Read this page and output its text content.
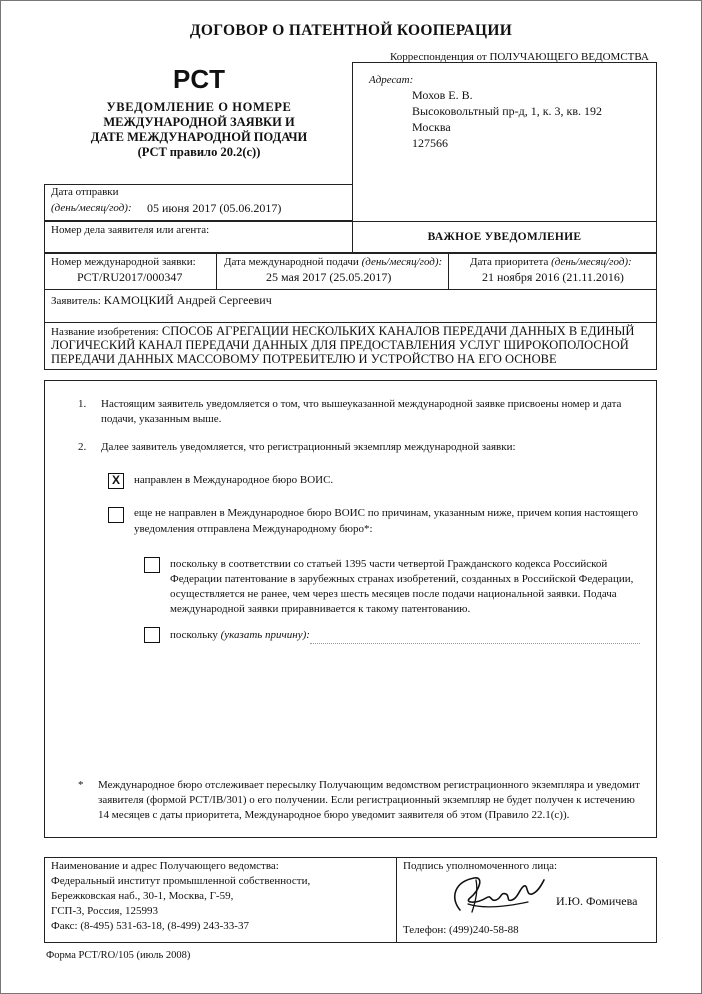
ДОГОВОР О ПАТЕНТНОЙ КООПЕРАЦИИ
Корреспонденция от ПОЛУЧАЮЩЕГО ВЕДОМСТВА
PCT
УВЕДОМЛЕНИЕ О НОМЕРЕ
МЕЖДУНАРОДНОЙ ЗАЯВКИ И
ДАТЕ МЕЖДУНАРОДНОЙ ПОДАЧИ
(PCT правило 20.2(c))
Адресат:
Мохов Е. В.
Высоковольтный пр-д, 1, к. 3, кв. 192
Москва
127566
Дата отправки
(день/месяц/год): 05 июня 2017 (05.06.2017)
Номер дела заявителя или агента:
ВАЖНОЕ УВЕДОМЛЕНИЕ
Номер международной заявки:
PCT/RU2017/000347
Дата международной подачи (день/месяц/год):
25 мая 2017 (25.05.2017)
Дата приоритета (день/месяц/год):
21 ноября 2016 (21.11.2016)
Заявитель: КАМОЦКИЙ Андрей Сергеевич
Название изобретения: СПОСОБ АГРЕГАЦИИ НЕСКОЛЬКИХ КАНАЛОВ ПЕРЕДАЧИ ДАННЫХ В ЕДИНЫЙ
ЛОГИЧЕСКИЙ КАНАЛ ПЕРЕДАЧИ ДАННЫХ ДЛЯ ПРЕДОСТАВЛЕНИЯ УСЛУГ ШИРОКОПОЛОСНОЙ
ПЕРЕДАЧИ ДАННЫХ МАССОВОМУ ПОТРЕБИТЕЛЮ И УСТРОЙСТВО НА ЕГО ОСНОВЕ
1. Настоящим заявитель уведомляется о том, что вышеуказанной международной заявке присвоены номер и дата
подачи, указанным выше.
2. Далее заявитель уведомляется, что регистрационный экземпляр международной заявки:
X	направлен в Международное бюро ВОИС.
еще не направлен в Международное бюро ВОИС по причинам, указанным ниже, причем копия настоящего
уведомления отправлена Международному бюро*:
поскольку в соответствии со статьей 1395 части четвертой Гражданского кодекса Российской
Федерации патентование в зарубежных странах изобретений, созданных в Российской Федерации,
осуществляется не ранее, чем через шесть месяцев после подачи национальной заявки. Подача
международной заявки приравнивается к такому патентованию.
поскольку (указать причину):
* Международное бюро отслеживает пересылку Получающим ведомством регистрационного экземпляра и уведомит
заявителя (формой PCT/IB/301) о его получении. Если регистрационный экземпляр не будет получен к истечению
14 месяцев с даты приоритета, Международное бюро уведомит заявителя об этом (Правило 22.1(c)).
Наименование и адрес Получающего ведомства:
Федеральный институт промышленной собственности,
Бережковская наб., 30-1, Москва, Г-59,
ГСП-3, Россия, 125993
Факс: (8-495) 531-63-18, (8-499) 243-33-37
Подпись уполномоченного лица:
И.Ю. Фомичева
Телефон: (499)240-58-88
Форма PCT/RO/105 (июль 2008)
